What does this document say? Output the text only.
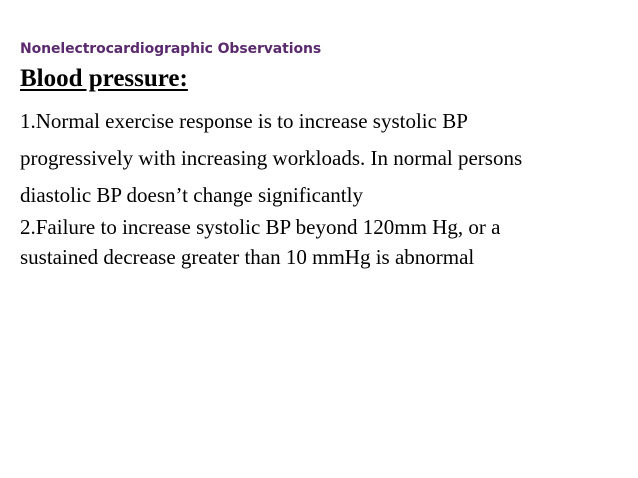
Nonelectrocardiographic Observations
Blood pressure:
1.Normal exercise response is to increase systolic BP
progressively with increasing workloads. In normal persons
diastolic BP doesn’t change significantly
2.Failure to increase systolic BP beyond 120mm Hg, or a
sustained decrease greater than 10 mmHg is abnormal
